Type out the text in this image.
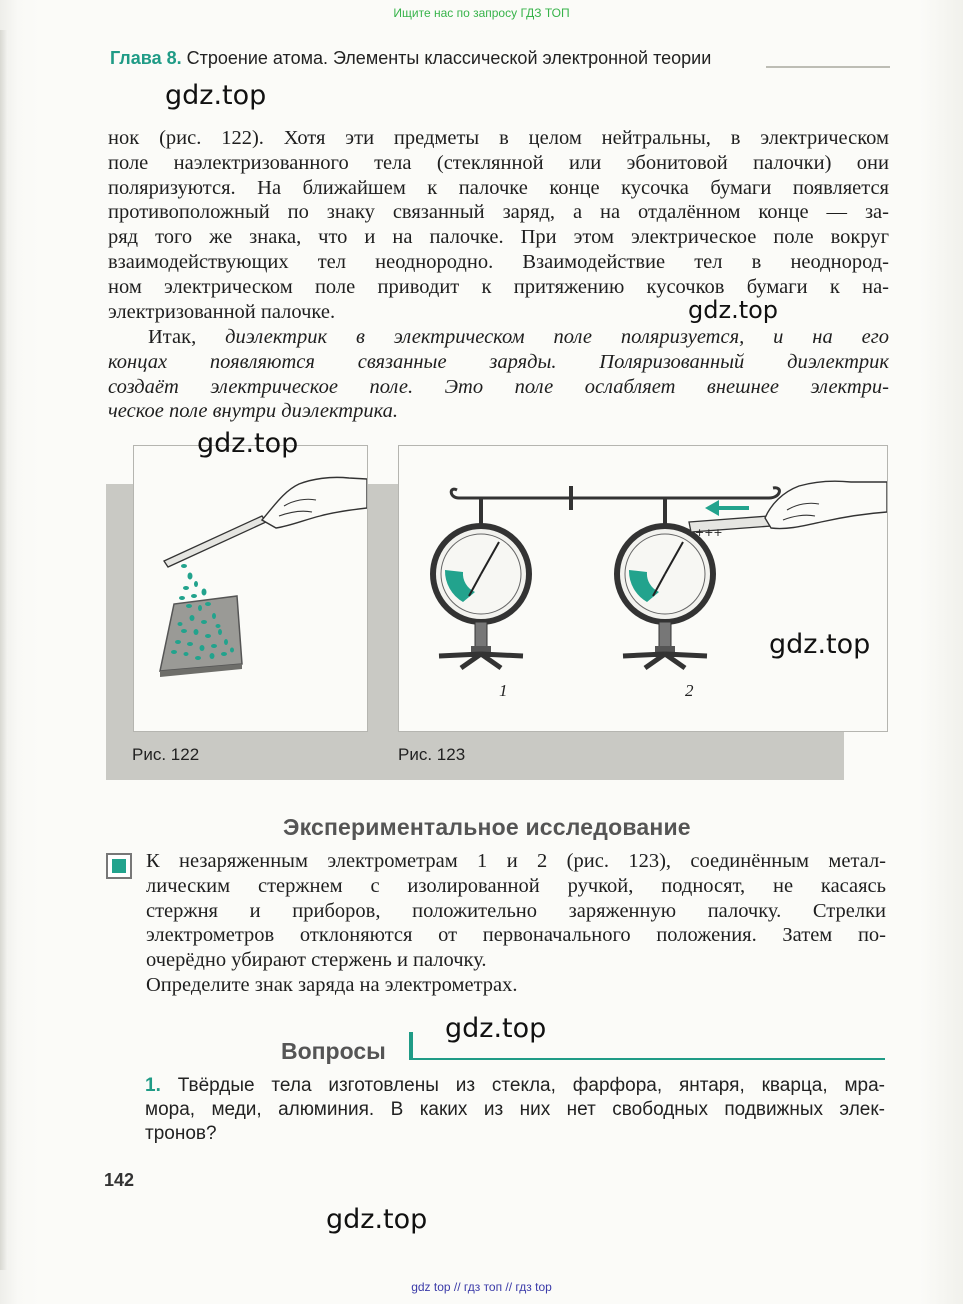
Ищите нас по запросу ГДЗ ТОП
Глава 8. Строение атома. Элементы классической электронной теории
gdz.top
нок (рис. 122). Хотя эти предметы в целом нейтральны, в электрическом
поле наэлектризованного тела (стеклянной или эбонитовой палочки) они
поляризуются. На ближайшем к палочке конце кусочка бумаги появляется
противоположный по знаку связанный заряд, а на отдалённом конце — за-
ряд того же знака, что и на палочке. При этом электрическое поле вокруг
взаимодействующих тел неоднородно. Взаимодействие тел в неоднород-
ном электрическом поле приводит к притяжению кусочков бумаги к на-
электризованной палочке.	gdz.top
Итак, диэлектрик в электрическом поле поляризуется, и на его
концах появляются связанные заряды. Поляризованный диэлектрик
создаёт электрическое поле. Это поле ослабляет внешнее электри-
ческое поле внутри диэлектрика.
+++
1	2
gdz.top
gdz.top
Рис. 122	Рис. 123
Экспериментальное исследование
К незаряженным электрометрам 1 и 2 (рис. 123), соединённым метал-
лическим стержнем с изолированной ручкой, подносят, не касаясь
стержня и приборов, положительно заряженную палочку. Стрелки
электрометров отклоняются от первоначального положения. Затем по-
очерёдно убирают стержень и палочку.
Определите знак заряда на электрометрах.
gdz.top
Вопросы
1. Твёрдые тела изготовлены из стекла, фарфора, янтаря, кварца, мра-
мора, меди, алюминия. В каких из них нет свободных подвижных элек-
тронов?
142
gdz.top
gdz top // гдз топ // гдз top
